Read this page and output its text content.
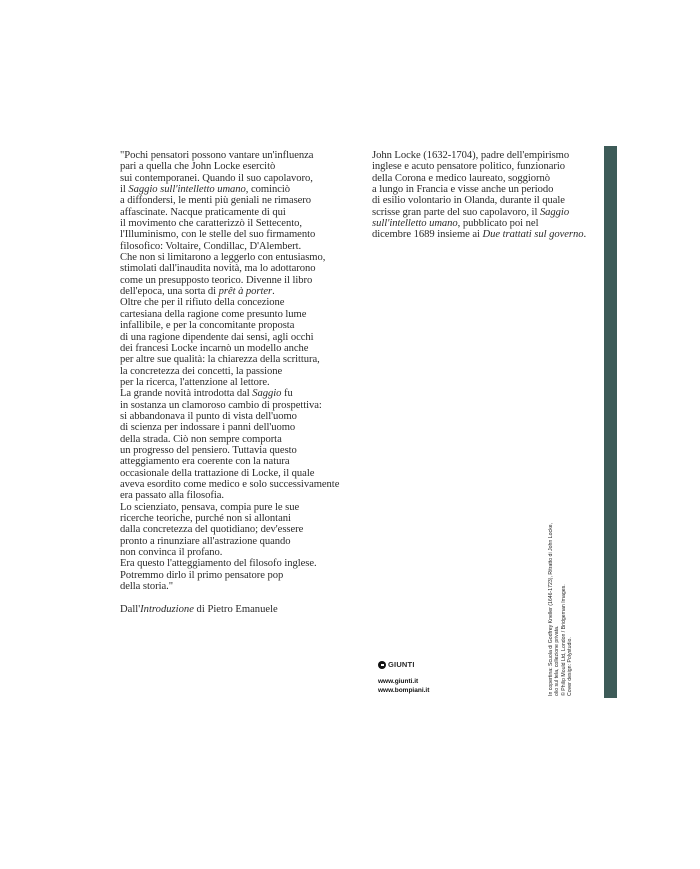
"Pochi pensatori possono vantare un'influenza
pari a quella che John Locke esercitò
sui contemporanei. Quando il suo capolavoro,
il Saggio sull'intelletto umano, cominciò
a diffondersi, le menti più geniali ne rimasero
affascinate. Nacque praticamente di qui
il movimento che caratterizzò il Settecento,
l'Illuminismo, con le stelle del suo firmamento
filosofico: Voltaire, Condillac, D'Alembert.
Che non si limitarono a leggerlo con entusiasmo,
stimolati dall'inaudita novità, ma lo adottarono
come un presupposto teorico. Divenne il libro
dell'epoca, una sorta di prêt à porter.
Oltre che per il rifiuto della concezione
cartesiana della ragione come presunto lume
infallibile, e per la concomitante proposta
di una ragione dipendente dai sensi, agli occhi
dei francesi Locke incarnò un modello anche
per altre sue qualità: la chiarezza della scrittura,
la concretezza dei concetti, la passione
per la ricerca, l'attenzione al lettore.
La grande novità introdotta dal Saggio fu
in sostanza un clamoroso cambio di prospettiva:
si abbandonava il punto di vista dell'uomo
di scienza per indossare i panni dell'uomo
della strada. Ciò non sempre comporta
un progresso del pensiero. Tuttavia questo
atteggiamento era coerente con la natura
occasionale della trattazione di Locke, il quale
aveva esordito come medico e solo successivamente
era passato alla filosofia.
Lo scienziato, pensava, compia pure le sue
ricerche teoriche, purché non si allontani
dalla concretezza del quotidiano; dev'essere
pronto a rinunziare all'astrazione quando
non convinca il profano.
Era questo l'atteggiamento del filosofo inglese.
Potremmo dirlo il primo pensatore pop
della storia."
Dall'Introduzione di Pietro Emanuele
John Locke (1632-1704), padre dell'empirismo
inglese e acuto pensatore politico, funzionario
della Corona e medico laureato, soggiornò
a lungo in Francia e visse anche un periodo
di esilio volontario in Olanda, durante il quale
scrisse gran parte del suo capolavoro, il Saggio
sull'intelletto umano, pubblicato poi nel
dicembre 1689 insieme ai Due trattati sul governo.
GIUNTI
www.giunti.it
www.bompiani.it	In copertina: Scuola di Godfrey Kneller (1646-1723), Ritratto di John Locke, olio sul tela, collezione privata. © Philip Mould Ltd, London / Bridgeman Images. Cover design: Polystudio.
